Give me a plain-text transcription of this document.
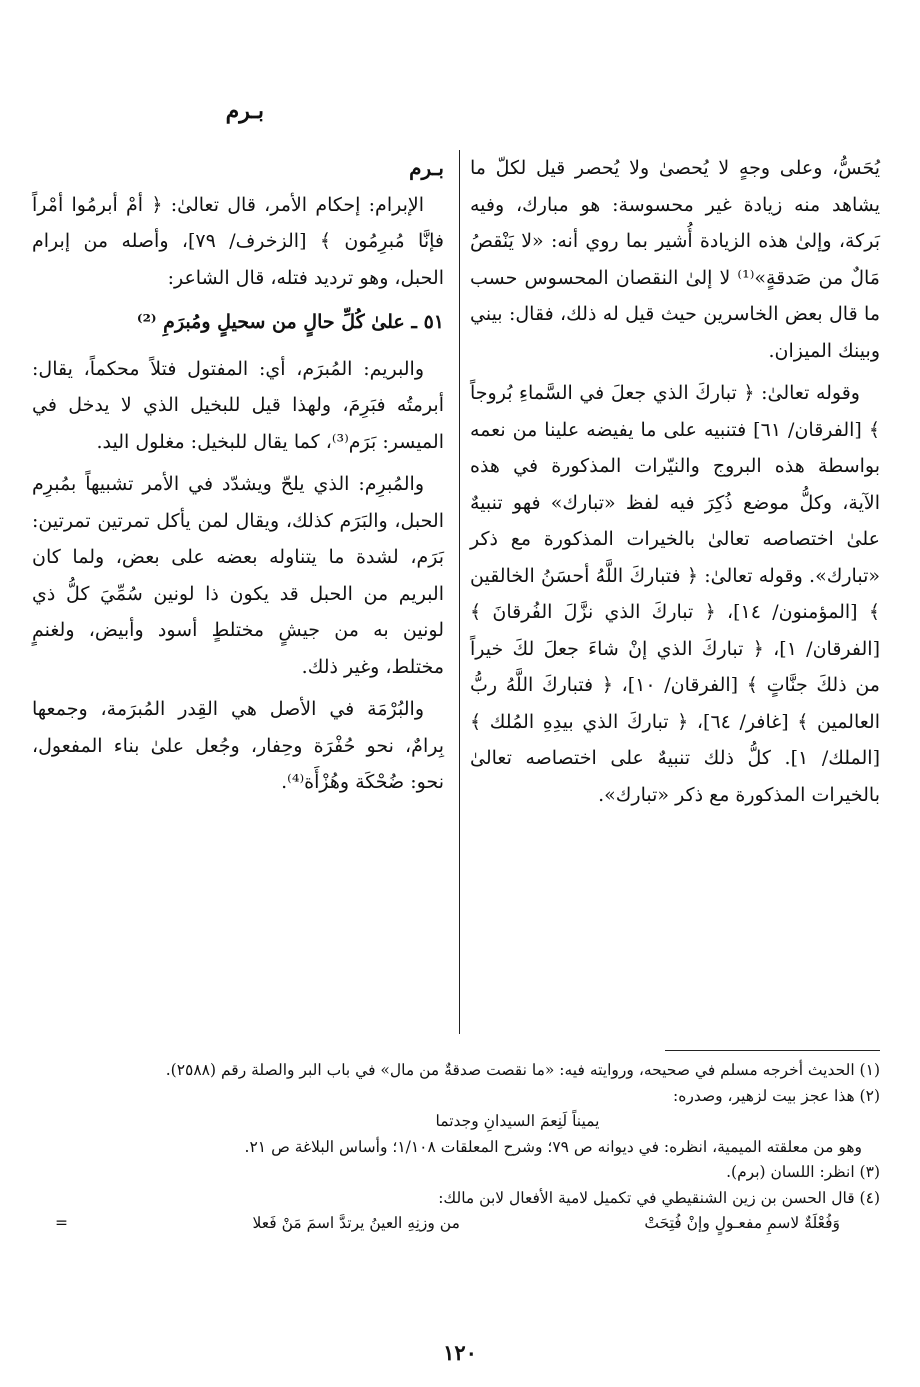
بـرم

يُحَسُّ، وعلى وجهٍ لا يُحصىٰ ولا يُحصر قيل لكلّ ما يشاهد منه زيادة غير محسوسة: هو مبارك، وفيه بَركة، وإلىٰ هذه الزيادة أُشير بما روي أنه: «لا يَنْقصُ مَالٌ من صَدقةٍ»⁽¹⁾ لا إلىٰ النقصان المحسوس حسب ما قال بعض الخاسرين حيث قيل له ذلك، فقال: بيني وبينك الميزان.

وقوله تعالىٰ: ﴿ تباركَ الذي جعلَ في السَّماءِ بُروجاً ﴾ [الفرقان/ ٦١] فتنبيه على ما يفيضه علينا من نعمه بواسطة هذه البروج والنيّرات المذكورة في هذه الآية، وكلُّ موضع ذُكِرَ فيه لفظ «تبارك» فهو تنبيهٌ علىٰ اختصاصه تعالىٰ بالخيرات المذكورة مع ذكر «تبارك». وقوله تعالىٰ: ﴿ فتباركَ اللَّهُ أحسَنُ الخالقين ﴾ [المؤمنون/ ١٤]، ﴿ تباركَ الذي نزَّلَ الفُرقانَ ﴾ [الفرقان/ ١]، ﴿ تباركَ الذي إنْ شاءَ جعلَ لكَ خيراً من ذلكَ جنَّاتٍ ﴾ [الفرقان/ ١٠]، ﴿ فتباركَ اللَّهُ ربُّ العالمين ﴾ [غافر/ ٦٤]، ﴿ تباركَ الذي بيدِهِ المُلك ﴾ [الملك/ ١]. كلُّ ذلك تنبيهٌ على اختصاصه تعالىٰ بالخيرات المذكورة مع ذكر «تبارك».

بـرم

الإبرام: إحكام الأمر، قال تعالىٰ: ﴿ أمْ أبرمُوا أمْراً فإنَّا مُبرِمُون ﴾ [الزخرف/ ٧٩]، وأصله من إبرام الحبل، وهو ترديد فتله، قال الشاعر:

٥١ ـ علىٰ كُلِّ حالٍ من سحيلٍ ومُبرَمِ ⁽²⁾

والبريم: المُبرَم، أي: المفتول فتلاً محكماً، يقال: أبرمتُه فبَرِمَ، ولهذا قيل للبخيل الذي لا يدخل في الميسر: بَرَم⁽³⁾، كما يقال للبخيل: مغلول اليد.

والمُبرِم: الذي يلحّ ويشدّد في الأمر تشبيهاً بمُبرِم الحبل، والبَرَم كذلك، ويقال لمن يأكل تمرتين تمرتين: بَرَم، لشدة ما يتناوله بعضه على بعض، ولما كان البريم من الحبل قد يكون ذا لونين سُمِّيَ كلُّ ذي لونين به من جيشٍ مختلطٍ أسود وأبيض، ولغنمٍ مختلط، وغير ذلك.

والبُرْمَة في الأصل هي القِدر المُبرَمة، وجمعها بِرامٌ، نحو حُفْرَة وحِفار، وجُعل علىٰ بناء المفعول، نحو: ضُحْكَة وهُزْأَة⁽⁴⁾.

(١) الحديث أخرجه مسلم في صحيحه، وروايته فيه: «ما نقصت صدقةٌ من مال» في باب البر والصلة رقم (٢٥٨٨).

(٢) هذا عجز بيت لزهير، وصدره:

يميناً لَنِعمَ السيدانِ وجدتما

وهو من معلقته الميمية، انظره: في ديوانه ص ٧٩؛ وشرح المعلقات ١/١٠٨؛ وأساس البلاغة ص ٢١.

(٣) انظر: اللسان (برم).

(٤) قال الحسن بن زين الشنقيطي في تكميل لامية الأفعال لابن مالك:

وَفُعْلَةٌ لاسمِ مفعـولٍ وإنْ فُتِحَتْ
من وزنِهِ العينُ يرتدَّ اسمَ مَنْ فَعلا
=
١٢٠
